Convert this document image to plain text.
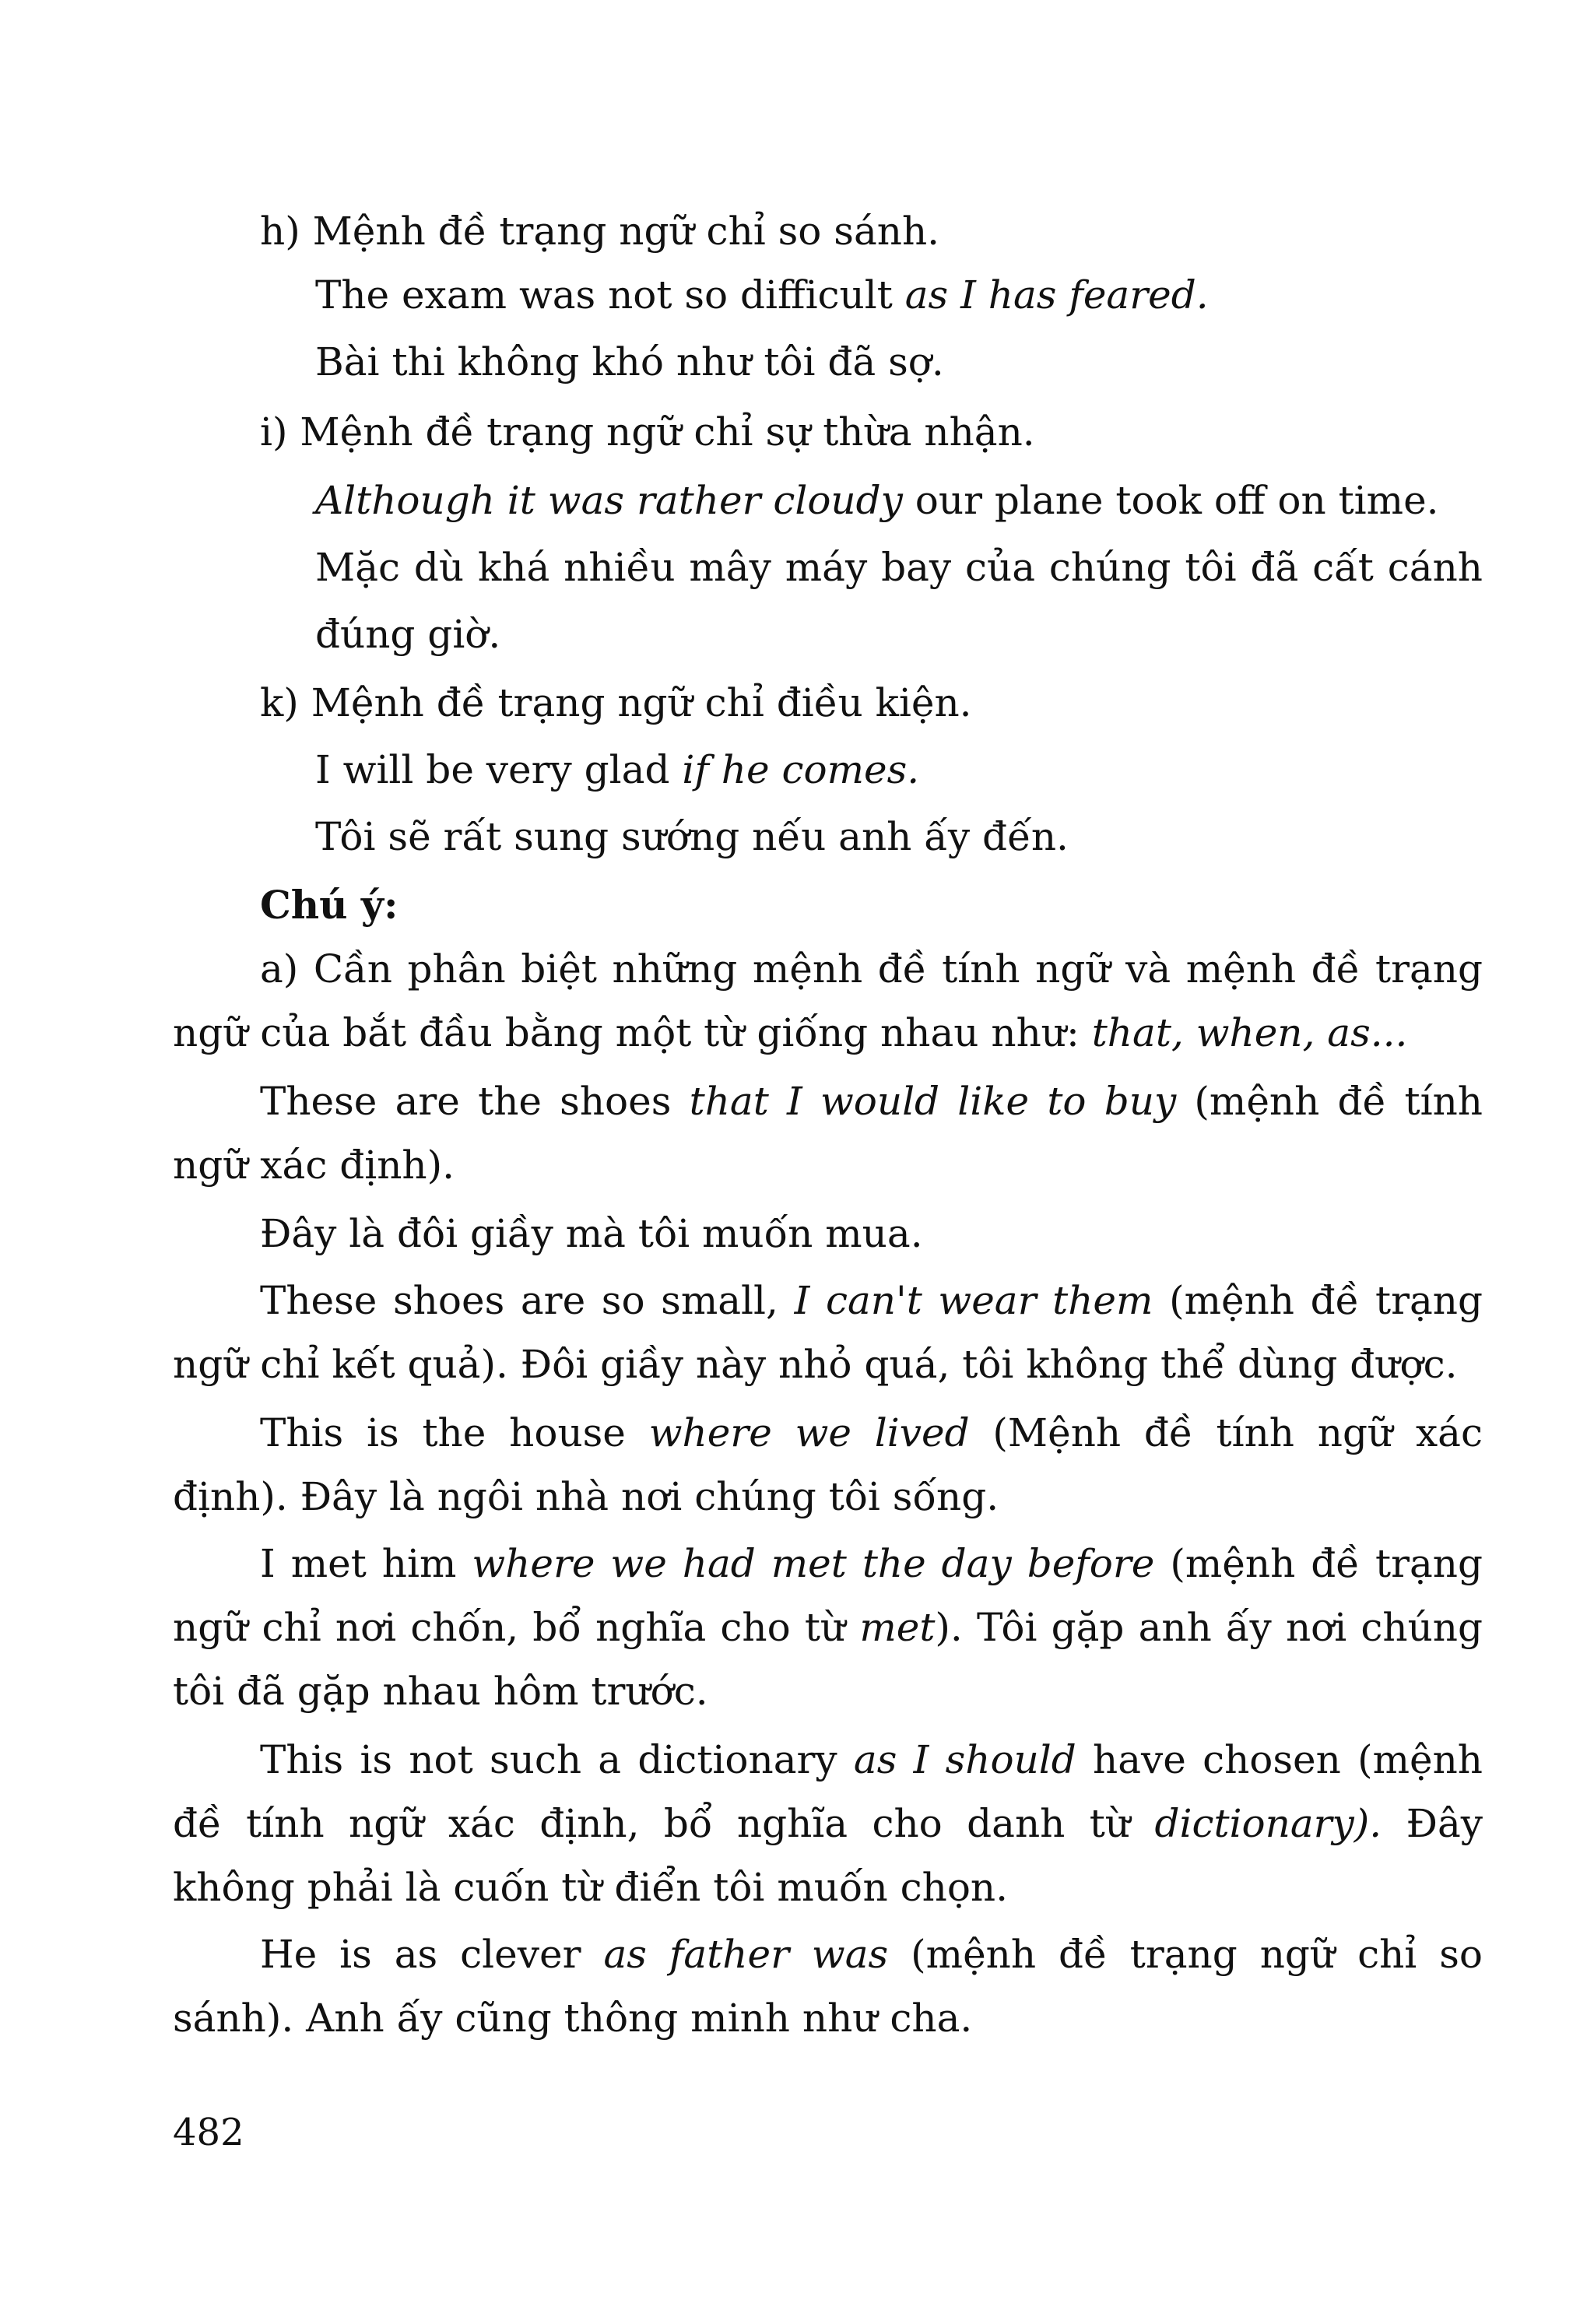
h) Mệnh đề trạng ngữ chỉ so sánh.
The exam was not so difficult as I has feared.
Bài thi không khó như tôi đã sợ.
i) Mệnh đề trạng ngữ chỉ sự thừa nhận.
Although it was rather cloudy our plane took off on time.
Mặc dù khá nhiều mây máy bay của chúng tôi đã cất cánh
đúng giờ.
k) Mệnh đề trạng ngữ chỉ điều kiện.
I will be very glad if he comes.
Tôi sẽ rất sung sướng nếu anh ấy đến.
Chú ý:
a) Cần phân biệt những mệnh đề tính ngữ và mệnh đề trạng
ngữ của bắt đầu bằng một từ giống nhau như: that, when, as...
These are the shoes that I would like to buy (mệnh đề tính
ngữ xác định).
Đây là đôi giầy mà tôi muốn mua.
These shoes are so small, I can't wear them (mệnh đề trạng
ngữ chỉ kết quả). Đôi giầy này nhỏ quá, tôi không thể dùng được.
This is the house where we lived (Mệnh đề tính ngữ xác
định). Đây là ngôi nhà nơi chúng tôi sống.
I met him where we had met the day before (mệnh đề trạng
ngữ chỉ nơi chốn, bổ nghĩa cho từ met). Tôi gặp anh ấy nơi chúng
tôi đã gặp nhau hôm trước.
This is not such a dictionary as I should have chosen (mệnh
đề tính ngữ xác định, bổ nghĩa cho danh từ dictionary). Đây
không phải là cuốn từ điển tôi muốn chọn.
He is as clever as father was (mệnh đề trạng ngữ chỉ so
sánh). Anh ấy cũng thông minh như cha.
482
